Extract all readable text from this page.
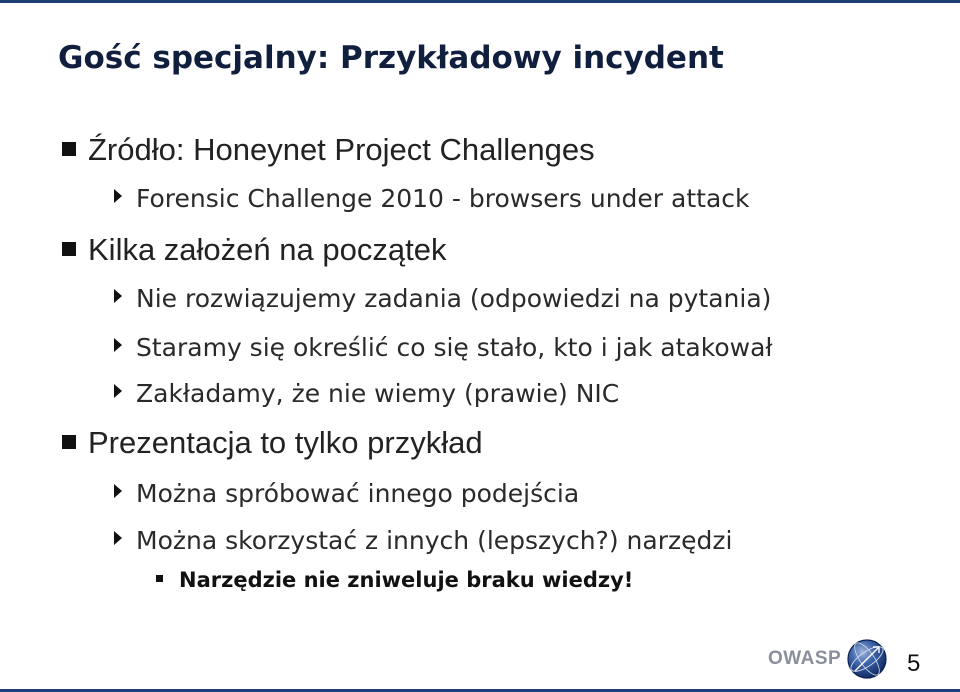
Gość specjalny: Przykładowy incydent
Źródło: Honeynet Project Challenges
Forensic Challenge 2010 - browsers under attack
Kilka założeń na początek
Nie rozwiązujemy zadania (odpowiedzi na pytania)
Staramy się określić co się stało, kto i jak atakował
Zakładamy, że nie wiemy (prawie) NIC
Prezentacja to tylko przykład
Można spróbować innego podejścia
Można skorzystać z innych (lepszych?) narzędzi
Narzędzie nie zniweluje braku wiedzy!
OWASP	5
